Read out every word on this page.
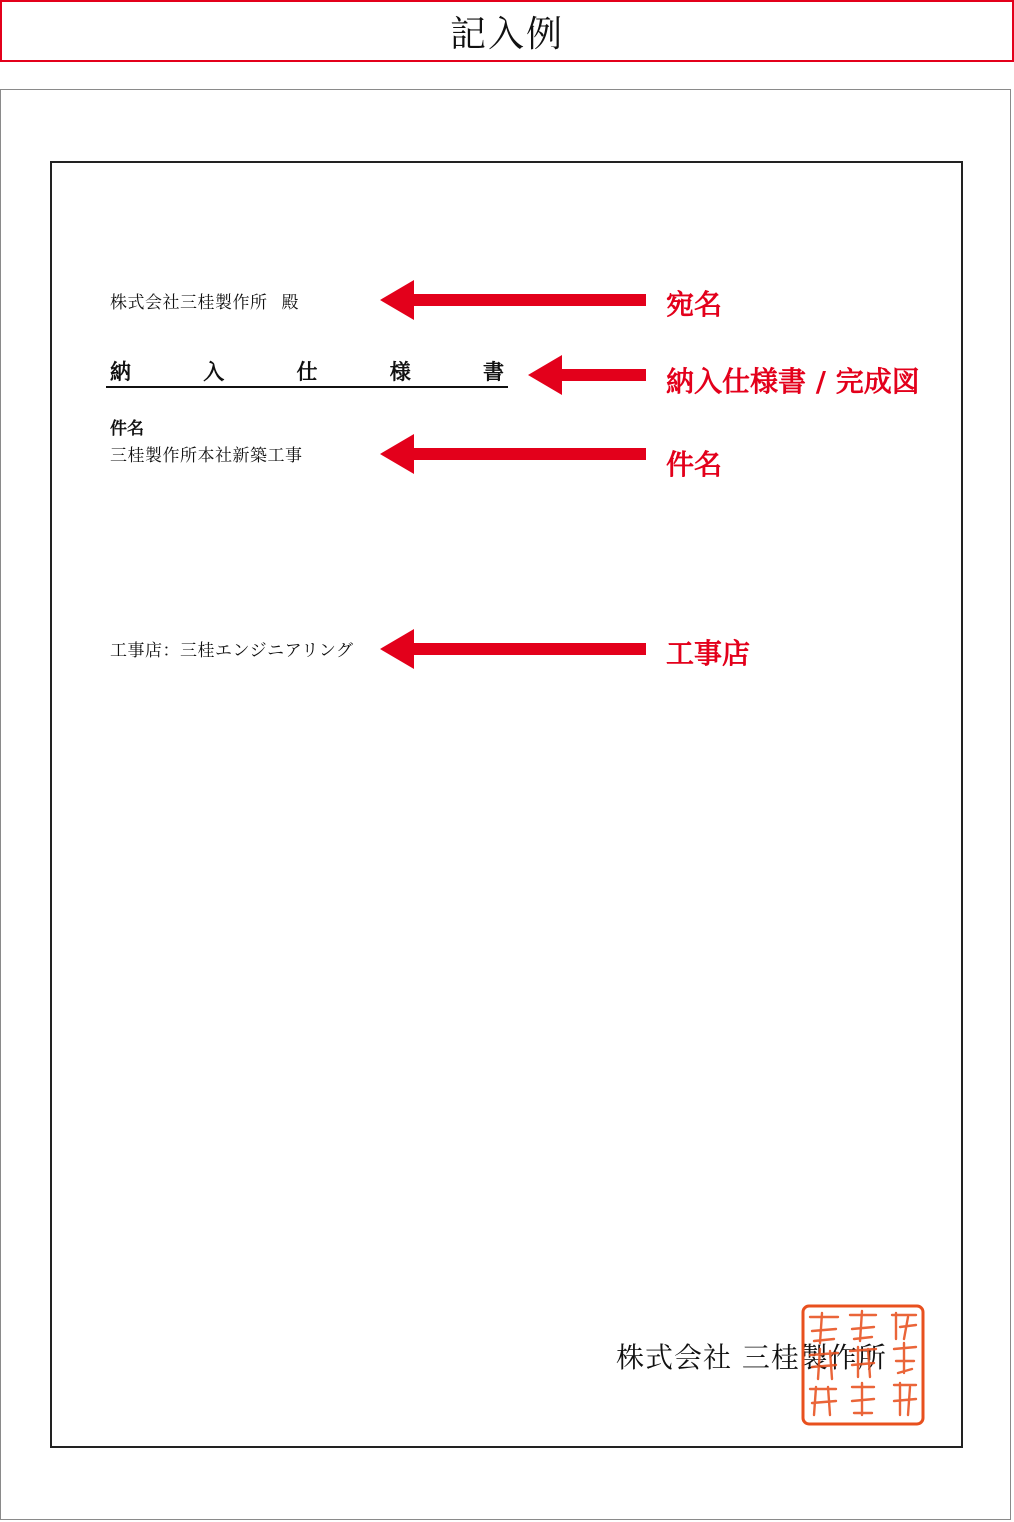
記入例
株式会社三桂製作所 殿
納	入	仕	様	書
件名
三桂製作所本社新築工事
工事店：三桂エンジニアリング
宛名
納入仕様書 / 完成図
件名
工事店
株式会社 三桂製作所
